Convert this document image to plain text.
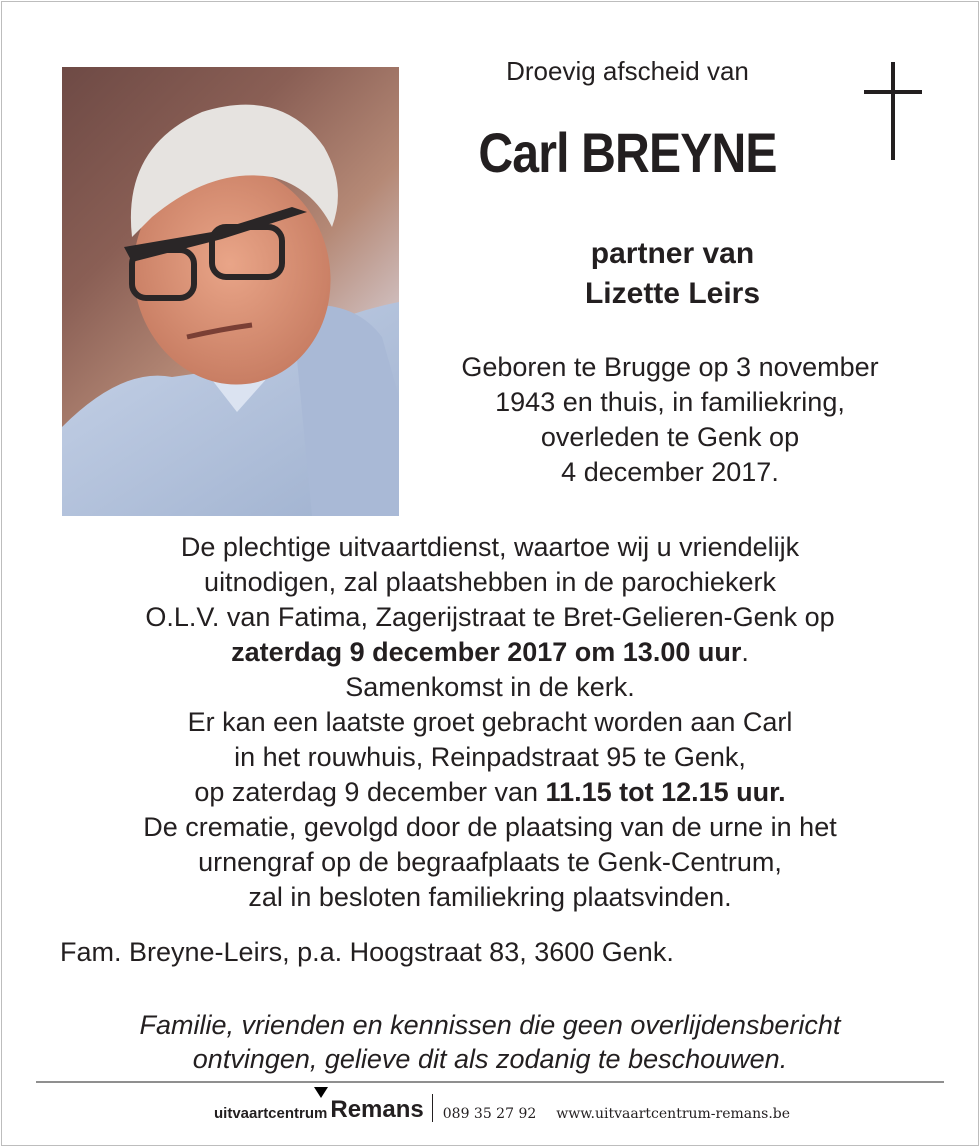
Droevig afscheid van
Carl BREYNE
partner van
Lizette Leirs
Geboren te Brugge op 3 november
1943 en thuis, in familiekring,
overleden te Genk op
4 december 2017.
De plechtige uitvaartdienst, waartoe wij u vriendelijk
uitnodigen, zal plaatshebben in de parochiekerk
O.L.V. van Fatima, Zagerijstraat te Bret-Gelieren-Genk op
zaterdag 9 december 2017 om 13.00 uur.
Samenkomst in de kerk.
Er kan een laatste groet gebracht worden aan Carl
in het rouwhuis, Reinpadstraat 95 te Genk,
op zaterdag 9 december van 11.15 tot 12.15 uur.
De crematie, gevolgd door de plaatsing van de urne in het
urnengraf op de begraafplaats te Genk-Centrum,
zal in besloten familiekring plaatsvinden.
Fam. Breyne-Leirs, p.a. Hoogstraat 83, 3600 Genk.
Familie, vrienden en kennissen die geen overlijdensbericht
ontvingen, gelieve dit als zodanig te beschouwen.
uitvaartcentrum Remans 089 35 27 92 www.uitvaartcentrum-remans.be
